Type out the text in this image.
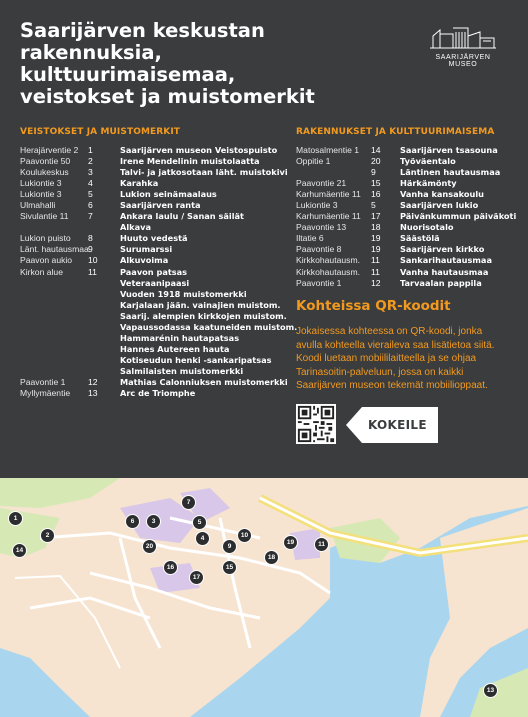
Saarijärven keskustan
rakennuksia,
kulttuurimaisemaa,
veistokset ja muistomerkit
SAARIJÄRVEN MUSEO
VEISTOKSET JA MUISTOMERKIT
Herajärventie 2	1	Saarijärven museon Veistospuisto
Paavontie 50	2	Irene Mendelinin muistolaatta
Koulukeskus	3	Talvi- ja jatkosotaan läht. muistokivi
Lukiontie 3	4	Karahka
Lukiontie 3	5	Lukion seinämaalaus
Ulmahalli	6	Saarijärven ranta
Sivulantie 11	7	Ankara laulu / Sanan säilät
Alkava
Lukion puisto	8	Huuto vedestä
Länt. hautausmaa 9	Surumarssi
Paavon aukio	10	Alkuvoima
Kirkon alue	11	Paavon patsas
Veteraanipaasi
Vuoden 1918 muistomerkki
Karjalaan jään. vainajien muistom.
Saarij. alempien kirkkojen muistom.
Vapaussodassa kaatuneiden muistom.
Hammarénin hautapatsas
Hannes Autereen hauta
Kotiseudun henki -sankaripatsas
Salmilaisten muistomerkki
Paavontie 1	12	Mathias Calonniuksen muistomerkki
Myllymäentie	13	Arc de Triomphe
RAKENNUKSET JA KULTTUURIMAISEMA
Matosalmentie 1	14	Saarijärven tsasouna
Oppitie 1	20	Työväentalo
9	Läntinen hautausmaa
Paavontie 21	15	Härkämönty
Karhumäentie 11	16	Vanha kansakoulu
Lukiontie 3	5	Saarijärven lukio
Karhumäentie 11	17	Päivänkummun päiväkoti
Paavontie 13	18	Nuorisotalo
Iltatie 6	19	Säästölä
Paavontie 8	19	Saarijärven kirkko
Kirkkohautausm.	11	Sankarihautausmaa
Kirkkohautausm.	11	Vanha hautausmaa
Paavontie 1	12	Tarvaalan pappila
Kohteissa QR-koodit

Jokaisessa kohteessa on QR-koodi, jonka avulla kohteella vieraileva saa lisätietoa siitä. Koodi luetaan mobiililaitteella ja se ohjaa Tarinasoitin-palveluun, jossa on kaikki Saarijärven museon tekemät mobiilioppaat.

KOKEILE
1
2
14
7
6	3	5
4
20	9
10
18
19	11
16	15
17
13
